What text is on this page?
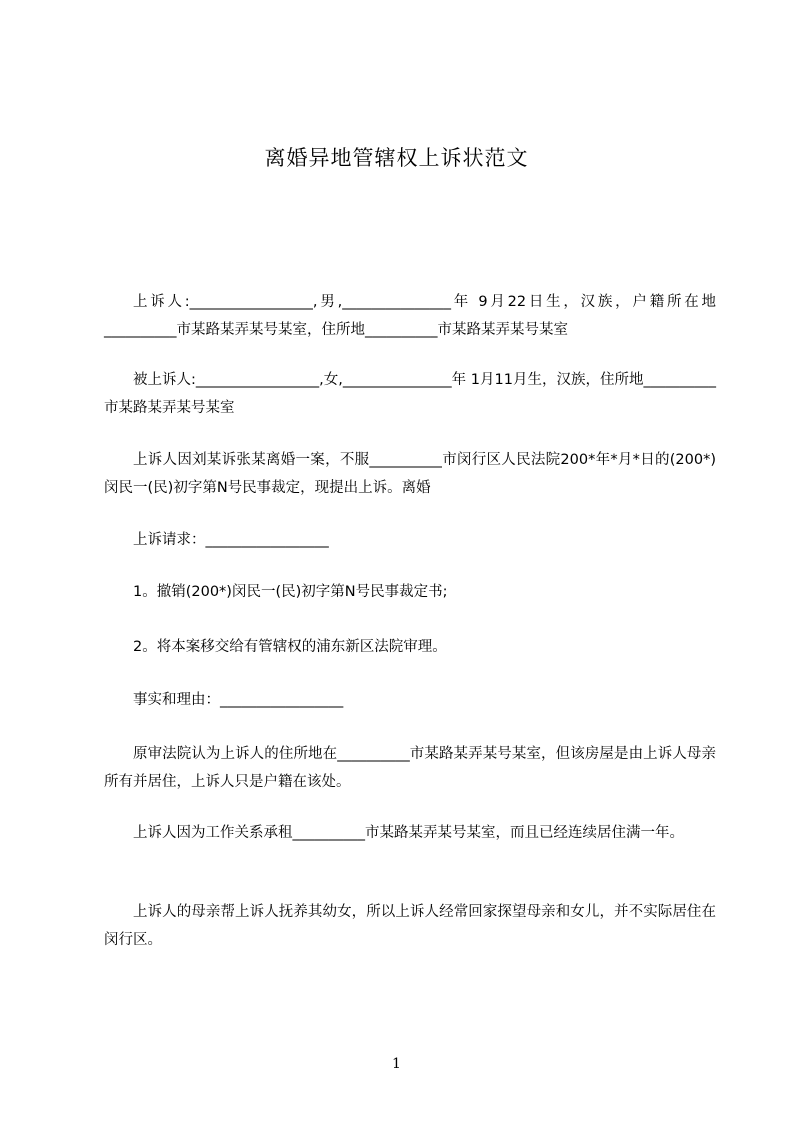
离婚异地管辖权上诉状范文
上诉人:_________________,男,_______________年 9月22日生，汉族，户籍所在地__________市某路某弄某号某室，住所地__________市某路某弄某号某室
被上诉人:_________________,女,_______________年 1月11月生，汉族，住所地__________市某路某弄某号某室
上诉人因刘某诉张某离婚一案，不服__________市闵行区人民法院200*年*月*日的(200*)闵民一(民)初字第N号民事裁定，现提出上诉。离婚
上诉请求：_________________
1。撤销(200*)闵民一(民)初字第N号民事裁定书;
2。将本案移交给有管辖权的浦东新区法院审理。
事实和理由：_________________
原审法院认为上诉人的住所地在__________市某路某弄某号某室，但该房屋是由上诉人母亲所有并居住，上诉人只是户籍在该处。
上诉人因为工作关系承租__________市某路某弄某号某室，而且已经连续居住满一年。
上诉人的母亲帮上诉人抚养其幼女，所以上诉人经常回家探望母亲和女儿，并不实际居住在闵行区。
1
